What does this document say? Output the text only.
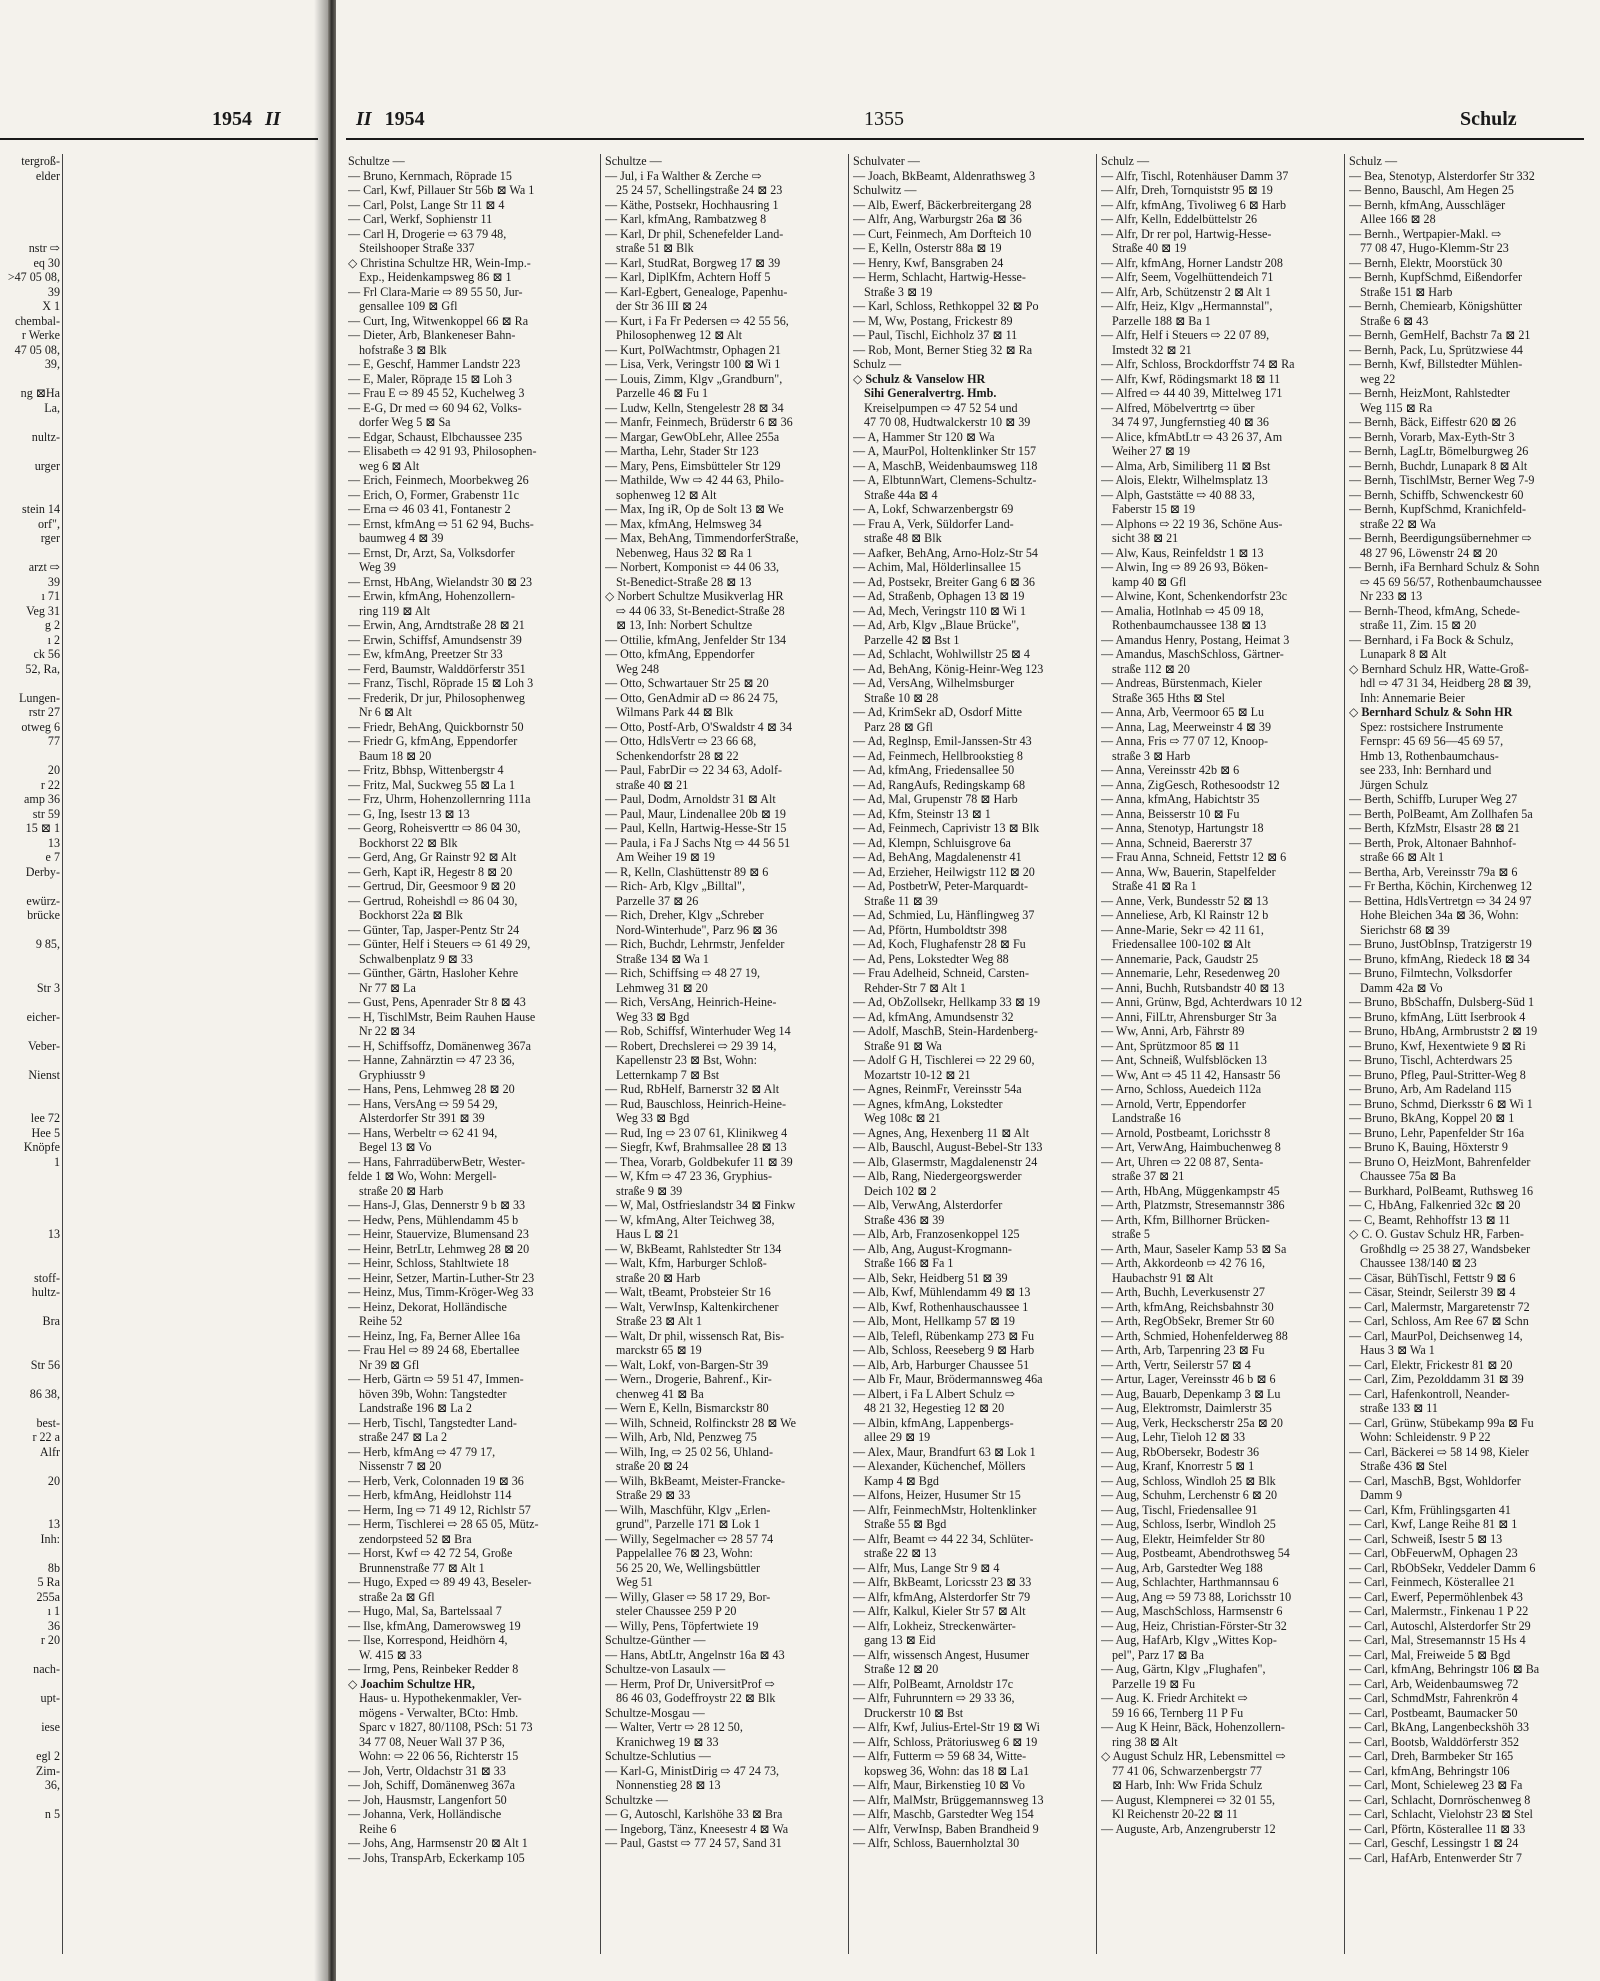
1954 II
tergroß-
elder

nstr ⇨
eq 30
>47 05 08,
39
X 1
chembal-
r Werke
47 05 08,
39,

ng ⊠Ha
La,

nultz-

urger

stein 14
orf",
rger

arzt ⇨
39
ı 71
Veg 31
g 2
ı 2
ck 56
52, Ra,

Lungen-
rstr 27
otweg 6
77

20
r 22
amp 36
str 59
15 ⊠ 1
13
e 7
Derby-

ewürz-
brücke

9 85,

Str 3

eicher-

Veber-

Nienst

lee 72
Hee 5
Knöpfe
1

13

stoff-
hultz-

Bra

Str 56

86 38,

best-
r 22 a
Alfr

20

13
Inh:

8b
5 Ra
255a
ı 1
36
r 20

nach-

upt-

iese

egl 2
Zim-
36,

n 5

II 1954	1355	Schulz
Schultze —
— Bruno, Kernmach, Röprade 15
— Carl, Kwf, Pillauer Str 56b ⊠ Wa 1
— Carl, Polst, Lange Str 11 ⊠ 4
— Carl, Werkf, Sophienstr 11
— Carl H, Drogerie ⇨ 63 79 48,
Steilshooper Straße 337
◇ Christina Schultze HR, Wein-Imp.-
Exp., Heidenkampsweg 86 ⊠ 1
— Frl Clara-Marie ⇨ 89 55 50, Jur-
gensallee 109 ⊠ Gfl
— Curt, Ing, Witwenkoppel 66 ⊠ Ra
— Dieter, Arb, Blankeneser Bahn-
hofstraße 3 ⊠ Blk
— E, Geschf, Hammer Landstr 223
— E, Maler, Röpraде 15 ⊠ Loh 3
— Frau E ⇨ 89 45 52, Kuchelweg 3
— E-G, Dr med ⇨ 60 94 62, Volks-
dorfer Weg 5 ⊠ Sa
— Edgar, Schaust, Elbchaussee 235
— Elisabeth ⇨ 42 91 93, Philosophen-
weg 6 ⊠ Alt
— Erich, Feinmech, Moorbekweg 26
— Erich, O, Former, Grabenstr 11c
— Erna ⇨ 46 03 41, Fontanestr 2
— Ernst, kfmAng ⇨ 51 62 94, Buchs-
baumweg 4 ⊠ 39
— Ernst, Dr, Arzt, Sa, Volksdorfer
Weg 39
— Ernst, HbAng, Wielandstr 30 ⊠ 23
— Erwin, kfmAng, Hohenzollern-
ring 119 ⊠ Alt
— Erwin, Ang, Arndtstraße 28 ⊠ 21
— Erwin, Schiffsf, Amundsenstr 39
— Ew, kfmAng, Preetzer Str 33
— Ferd, Baumstr, Walddörferstr 351
— Franz, Tischl, Röprade 15 ⊠ Loh 3
— Frederik, Dr jur, Philosophenweg
Nr 6 ⊠ Alt
— Friedr, BehAng, Quickbornstr 50
— Friedr G, kfmAng, Eppendorfer
Baum 18 ⊠ 20
— Fritz, Bbhsp, Wittenbergstr 4
— Fritz, Mal, Suckweg 55 ⊠ La 1
— Frz, Uhrm, Hohenzollernring 111a
— G, Ing, Isestr 13 ⊠ 13
— Georg, Roheisverttr ⇨ 86 04 30,
Bockhorst 22 ⊠ Blk
— Gerd, Ang, Gr Rainstr 92 ⊠ Alt
— Gerh, Kapt iR, Hegestr 8 ⊠ 20
— Gertrud, Dir, Geesmoor 9 ⊠ 20
— Gertrud, Roheishdl ⇨ 86 04 30,
Bockhorst 22a ⊠ Blk
— Günter, Tap, Jasper-Pentz Str 24
— Günter, Helf i Steuers ⇨ 61 49 29,
Schwalbenplatz 9 ⊠ 33
— Günther, Gärtn, Hasloher Kehre
Nr 77 ⊠ La
— Gust, Pens, Apenrader Str 8 ⊠ 43
— H, TischlMstr, Beim Rauhen Hause
Nr 22 ⊠ 34
— H, Schiffsoffz, Domänenweg 367a
— Hanne, Zahnärztin ⇨ 47 23 36,
Gryphiusstr 9
— Hans, Pens, Lehmweg 28 ⊠ 20
— Hans, VersAng ⇨ 59 54 29,
Alsterdorfer Str 391 ⊠ 39
— Hans, Werbeltr ⇨ 62 41 94,
Begel 13 ⊠ Vo
— Hans, FahrradüberwBetr, Wester-
felde 1 ⊠ Wo, Wohn: Mergell-
straße 20 ⊠ Harb
— Hans-J, Glas, Dennerstr 9 b ⊠ 33
— Hedw, Pens, Mühlendamm 45 b
— Heinr, Stauervize, Blumensand 23
— Heinr, BetrLtr, Lehmweg 28 ⊠ 20
— Heinr, Schloss, Stahltwiete 18
— Heinr, Setzer, Martin-Luther-Str 23
— Heinz, Mus, Timm-Kröger-Weg 33
— Heinz, Dekorat, Holländische
Reihe 52
— Heinz, Ing, Fa, Berner Allee 16a
— Frau Hel ⇨ 89 24 68, Ebertallee
Nr 39 ⊠ Gfl
— Herb, Gärtn ⇨ 59 51 47, Immen-
höven 39b, Wohn: Tangstedter
Landstraße 196 ⊠ La 2
— Herb, Tischl, Tangstedter Land-
straße 247 ⊠ La 2
— Herb, kfmAng ⇨ 47 79 17,
Nissenstr 7 ⊠ 20
— Herb, Verk, Colonnaden 19 ⊠ 36
— Herb, kfmAng, Heidlohstr 114
— Herm, Ing ⇨ 71 49 12, Richlstr 57
— Herm, Tischlerei ⇨ 28 65 05, Mütz-
zendorpsteed 52 ⊠ Bra
— Horst, Kwf ⇨ 42 72 54, Große
Brunnenstraße 77 ⊠ Alt 1
— Hugo, Exped ⇨ 89 49 43, Beseler-
straße 2a ⊠ Gfl
— Hugo, Mal, Sa, Bartelssaal 7
— Ilse, kfmAng, Damerowsweg 19
— Ilse, Korrespond, Heidhörn 4,
W. 415 ⊠ 33
— Irmg, Pens, Reinbeker Redder 8
◇ Joachim Schultze HR,
Haus- u. Hypothekenmakler, Ver-
mögens - Verwalter, BCto: Hmb.
Sparc v 1827, 80/1108, PSch: 51 73
34 77 08, Neuer Wall 37 P 36,
Wohn: ⇨ 22 06 56, Richterstr 15
— Joh, Vertr, Oldachstr 31 ⊠ 33
— Joh, Schiff, Domänenweg 367a
— Joh, Hausmstr, Langenfort 50
— Johanna, Verk, Holländische
Reihe 6
— Johs, Ang, Harmsenstr 20 ⊠ Alt 1
— Johs, TranspArb, Eckerkamp 105
Schultze —
— Jul, i Fa Walther & Zerche ⇨
25 24 57, Schellingstraße 24 ⊠ 23
— Käthe, Postsekr, Hochhausring 1
— Karl, kfmAng, Rambatzweg 8
— Karl, Dr phil, Schenefelder Land-
straße 51 ⊠ Blk
— Karl, StudRat, Borgweg 17 ⊠ 39
— Karl, DiplKfm, Achtern Hoff 5
— Karl-Egbert, Genealoge, Papenhu-
der Str 36 III ⊠ 24
— Kurt, i Fa Fr Pedersen ⇨ 42 55 56,
Philosophenweg 12 ⊠ Alt
— Kurt, PolWachtmstr, Ophagen 21
— Lisa, Verk, Veringstr 100 ⊠ Wi 1
— Louis, Zimm, Klgv „Grandburn",
Parzelle 46 ⊠ Fu 1
— Ludw, Kelln, Stengelestr 28 ⊠ 34
— Manfr, Feinmech, Brüderstr 6 ⊠ 36
— Margar, GewObLehr, Allee 255a
— Martha, Lehr, Stader Str 123
— Mary, Pens, Eimsbütteler Str 129
— Mathilde, Ww ⇨ 42 44 63, Philo-
sophenweg 12 ⊠ Alt
— Max, Ing iR, Op de Solt 13 ⊠ We
— Max, kfmAng, Helmsweg 34
— Max, BehAng, TimmendorferStraße,
Nebenweg, Haus 32 ⊠ Ra 1
— Norbert, Komponist ⇨ 44 06 33,
St-Benedict-Straße 28 ⊠ 13
◇ Norbert Schultze Musikverlag HR
⇨ 44 06 33, St-Benedict-Straße 28
⊠ 13, Inh: Norbert Schultze
— Ottilie, kfmAng, Jenfelder Str 134
— Otto, kfmAng, Eppendorfer
Weg 248
— Otto, Schwartauer Str 25 ⊠ 20
— Otto, GenAdmir aD ⇨ 86 24 75,
Wilmans Park 44 ⊠ Blk
— Otto, Postf-Arb, O'Swaldstr 4 ⊠ 34
— Otto, HdlsVertr ⇨ 23 66 68,
Schenkendorfstr 28 ⊠ 22
— Paul, FabrDir ⇨ 22 34 63, Adolf-
straße 40 ⊠ 21
— Paul, Dodm, Arnoldstr 31 ⊠ Alt
— Paul, Maur, Lindenallee 20b ⊠ 19
— Paul, Kelln, Hartwig-Hesse-Str 15
— Paula, i Fa J Sachs Ntg ⇨ 44 56 51
Am Weiher 19 ⊠ 19
— R, Kelln, Clashüttenstr 89 ⊠ 6
— Rich- Arb, Klgv „Billtal",
Parzelle 37 ⊠ 26
— Rich, Dreher, Klgv „Schreber
Nord-Winterhude", Parz 96 ⊠ 36
— Rich, Buchdr, Lehrmstr, Jenfelder
Straße 134 ⊠ Wa 1
— Rich, Schiffsing ⇨ 48 27 19,
Lehmweg 31 ⊠ 20
— Rich, VersAng, Heinrich-Heine-
Weg 33 ⊠ Bgd
— Rob, Schiffsf, Winterhuder Weg 14
— Robert, Drechslerei ⇨ 29 39 14,
Kapellenstr 23 ⊠ Bst, Wohn:
Letternkamp 7 ⊠ Bst
— Rud, RbHelf, Barnerstr 32 ⊠ Alt
— Rud, Bauschloss, Heinrich-Heine-
Weg 33 ⊠ Bgd
— Rud, Ing ⇨ 23 07 61, Klinikweg 4
— Siegfr, Kwf, Brahmsallee 28 ⊠ 13
— Thea, Vorarb, Goldbekufer 11 ⊠ 39
— W, Kfm ⇨ 47 23 36, Gryphius-
straße 9 ⊠ 39
— W, Mal, Ostfrieslandstr 34 ⊠ Finkw
— W, kfmAng, Alter Teichweg 38,
Haus L ⊠ 21
— W, BkBeamt, Rahlstedter Str 134
— Walt, Kfm, Harburger Schloß-
straße 20 ⊠ Harb
— Walt, tBeamt, Probsteier Str 16
— Walt, VerwInsp, Kaltenkirchener
Straße 23 ⊠ Alt 1
— Walt, Dr phil, wissensch Rat, Bis-
marckstr 65 ⊠ 19
— Walt, Lokf, von-Bargen-Str 39
— Wern., Drogerie, Bahrenf., Kir-
chenweg 41 ⊠ Ba
— Wern E, Kelln, Bismarckstr 80
— Wilh, Schneid, Rolfinckstr 28 ⊠ We
— Wilh, Arb, Nld, Penzweg 75
— Wilh, Ing, ⇨ 25 02 56, Uhland-
straße 20 ⊠ 24
— Wilh, BkBeamt, Meister-Francke-
Straße 29 ⊠ 33
— Wilh, Maschführ, Klgv „Erlen-
grund", Parzelle 171 ⊠ Lok 1
— Willy, Segelmacher ⇨ 28 57 74
Pappelallee 76 ⊠ 23, Wohn:
56 25 20, We, Wellingsbüttler
Weg 51
— Willy, Glaser ⇨ 58 17 29, Bor-
steler Chaussee 259 P 20
— Willy, Pens, Töpfertwiete 19
Schultze-Günther —
— Hans, AbtLtr, Angelnstr 16a ⊠ 43
Schultze-von Lasaulx —
— Herm, Prof Dr, UniversitProf ⇨
86 46 03, Godeffroystr 22 ⊠ Blk
Schultze-Mosgau —
— Walter, Vertr ⇨ 28 12 50,
Kranichweg 19 ⊠ 33
Schultze-Schlutius —
— Karl-G, MinistDirig ⇨ 47 24 73,
Nonnenstieg 28 ⊠ 13
Schultzke —
— G, Autoschl, Karlshöhe 33 ⊠ Bra
— Ingeborg, Tänz, Kneesestr 4 ⊠ Wa
— Paul, Gastst ⇨ 77 24 57, Sand 31
Schulvater —
— Joach, BkBeamt, Aldenrathsweg 3
Schulwitz —
— Alb, Ewerf, Bäckerbreitergang 28
— Alfr, Ang, Warburgstr 26a ⊠ 36
— Curt, Feinmech, Am Dorfteich 10
— E, Kelln, Osterstr 88a ⊠ 19
— Henry, Kwf, Bansgraben 24
— Herm, Schlacht, Hartwig-Hesse-
Straße 3 ⊠ 19
— Karl, Schloss, Rethkoppel 32 ⊠ Po
— M, Ww, Postang, Frickestr 89
— Paul, Tischl, Eichholz 37 ⊠ 11
— Rob, Mont, Berner Stieg 32 ⊠ Ra
Schulz —
◇ Schulz & Vanselow HR
Sihi Generalvertrg. Hmb.
Kreiselpumpen ⇨ 47 52 54 und
47 70 08, Hudtwalckerstr 10 ⊠ 39
— A, Hammer Str 120 ⊠ Wa
— A, MaurPol, Holtenklinker Str 157
— A, MaschB, Weidenbaumsweg 118
— A, ElbtunnWart, Clemens-Schultz-
Straße 44a ⊠ 4
— A, Lokf, Schwarzenbergstr 69
— Frau A, Verk, Süldorfer Land-
straße 48 ⊠ Blk
— Aafker, BehAng, Arno-Holz-Str 54
— Achim, Mal, Hölderlinsallee 15
— Ad, Postsekr, Breiter Gang 6 ⊠ 36
— Ad, Straßenb, Ophagen 13 ⊠ 19
— Ad, Mech, Veringstr 110 ⊠ Wi 1
— Ad, Arb, Klgv „Blaue Brücke",
Parzelle 42 ⊠ Bst 1
— Ad, Schlacht, Wohlwillstr 25 ⊠ 4
— Ad, BehAng, König-Heinr-Weg 123
— Ad, VersAng, Wilhelmsburger
Straße 10 ⊠ 28
— Ad, KrimSekr aD, Osdorf Mitte
Parz 28 ⊠ Gfl
— Ad, Reglnsp, Emil-Janssen-Str 43
— Ad, Feinmech, Hellbrookstieg 8
— Ad, kfmAng, Friedensallee 50
— Ad, RangAufs, Redingskamp 68
— Ad, Mal, Grupenstr 78 ⊠ Harb
— Ad, Kfm, Steinstr 13 ⊠ 1
— Ad, Feinmech, Caprivistr 13 ⊠ Blk
— Ad, Klempn, Schluisgrove 6a
— Ad, BehAng, Magdalenenstr 41
— Ad, Erzieher, Heilwigstr 112 ⊠ 20
— Ad, PostbetrW, Peter-Marquardt-
Straße 11 ⊠ 39
— Ad, Schmied, Lu, Hänflingweg 37
— Ad, Pförtn, Humboldtstr 398
— Ad, Koch, Flughafenstr 28 ⊠ Fu
— Ad, Pens, Lokstedter Weg 88
— Frau Adelheid, Schneid, Carsten-
Rehder-Str 7 ⊠ Alt 1
— Ad, ObZollsekr, Hellkamp 33 ⊠ 19
— Ad, kfmAng, Amundsenstr 32
— Adolf, MaschB, Stein-Hardenberg-
Straße 91 ⊠ Wa
— Adolf G H, Tischlerei ⇨ 22 29 60,
Mozartstr 10-12 ⊠ 21
— Agnes, ReinmFr, Vereinsstr 54a
— Agnes, kfmAng, Lokstedter
Weg 108c ⊠ 21
— Agnes, Ang, Hexenberg 11 ⊠ Alt
— Alb, Bauschl, August-Bebel-Str 133
— Alb, Glasermstr, Magdalenenstr 24
— Alb, Rang, Niedergeorgswerder
Deich 102 ⊠ 2
— Alb, VerwAng, Alsterdorfer
Straße 436 ⊠ 39
— Alb, Arb, Franzosenkoppel 125
— Alb, Ang, August-Krogmann-
Straße 166 ⊠ Fa 1
— Alb, Sekr, Heidberg 51 ⊠ 39
— Alb, Kwf, Mühlendamm 49 ⊠ 13
— Alb, Kwf, Rothenhauschaussee 1
— Alb, Mont, Hellkamp 57 ⊠ 19
— Alb, Telefl, Rübenkamp 273 ⊠ Fu
— Alb, Schloss, Reeseberg 9 ⊠ Harb
— Alb, Arb, Harburger Chaussee 51
— Alb Fr, Maur, Brödermannsweg 46a
— Albert, i Fa L Albert Schulz ⇨
48 21 32, Hegestieg 12 ⊠ 20
— Albin, kfmAng, Lappenbergs-
allee 29 ⊠ 19
— Alex, Maur, Brandfurt 63 ⊠ Lok 1
— Alexander, Küchenchef, Möllers
Kamp 4 ⊠ Bgd
— Alfons, Heizer, Husumer Str 15
— Alfr, FeinmechMstr, Holtenklinker
Straße 55 ⊠ Bgd
— Alfr, Beamt ⇨ 44 22 34, Schlüter-
straße 22 ⊠ 13
— Alfr, Mus, Lange Str 9 ⊠ 4
— Alfr, BkBeamt, Loricsstr 23 ⊠ 33
— Alfr, kfmAng, Alsterdorfer Str 79
— Alfr, Kalkul, Kieler Str 57 ⊠ Alt
— Alfr, Lokheiz, Streckenwärter-
gang 13 ⊠ Eid
— Alfr, wissensch Angest, Husumer
Straße 12 ⊠ 20
— Alfr, PolBeamt, Arnoldstr 17c
— Alfr, Fuhrunntern ⇨ 29 33 36,
Druckerstr 10 ⊠ Bst
— Alfr, Kwf, Julius-Ertel-Str 19 ⊠ Wi
— Alfr, Schloss, Prätoriusweg 6 ⊠ 19
— Alfr, Futterm ⇨ 59 68 34, Witte-
kopsweg 36, Wohn: das 18 ⊠ La1
— Alfr, Maur, Birkenstieg 10 ⊠ Vo
— Alfr, MalMstr, Brüggemannsweg 13
— Alfr, Maschb, Garstedter Weg 154
— Alfr, VerwInsp, Baben Brandheid 9
— Alfr, Schloss, Bauernholztal 30
Schulz —
— Alfr, Tischl, Rotenhäuser Damm 37
— Alfr, Dreh, Tornquiststr 95 ⊠ 19
— Alfr, kfmAng, Tivoliweg 6 ⊠ Harb
— Alfr, Kelln, Eddelbüttelstr 26
— Alfr, Dr rer pol, Hartwig-Hesse-
Straße 40 ⊠ 19
— Alfr, kfmAng, Horner Landstr 208
— Alfr, Seem, Vogelhüttendeich 71
— Alfr, Arb, Schützenstr 2 ⊠ Alt 1
— Alfr, Heiz, Klgv „Hermannstal",
Parzelle 188 ⊠ Ba 1
— Alfr, Helf i Steuers ⇨ 22 07 89,
Imstedt 32 ⊠ 21
— Alfr, Schloss, Brockdorffstr 74 ⊠ Ra
— Alfr, Kwf, Rödingsmarkt 18 ⊠ 11
— Alfred ⇨ 44 40 39, Mittelweg 171
— Alfred, Möbelvertrtg ⇨ über
34 74 97, Jungfernstieg 40 ⊠ 36
— Alice, kfmAbtLtr ⇨ 43 26 37, Am
Weiher 27 ⊠ 19
— Alma, Arb, Similiberg 11 ⊠ Bst
— Alois, Elektr, Wilhelmsplatz 13
— Alph, Gaststätte ⇨ 40 88 33,
Faberstr 15 ⊠ 19
— Alphons ⇨ 22 19 36, Schöne Aus-
sicht 38 ⊠ 21
— Alw, Kaus, Reinfeldstr 1 ⊠ 13
— Alwin, Ing ⇨ 89 26 93, Böken-
kamp 40 ⊠ Gfl
— Alwine, Kont, Schenkendorfstr 23c
— Amalia, Hotlnhab ⇨ 45 09 18,
Rothenbaumchaussee 138 ⊠ 13
— Amandus Henry, Postang, Heimat 3
— Amandus, MaschSchloss, Gärtner-
straße 112 ⊠ 20
— Andreas, Bürstenmach, Kieler
Straße 365 Hths ⊠ Stel
— Anna, Arb, Veermoor 65 ⊠ Lu
— Anna, Lag, Meerweinstr 4 ⊠ 39
— Anna, Fris ⇨ 77 07 12, Knoop-
straße 3 ⊠ Harb
— Anna, Vereinsstr 42b ⊠ 6
— Anna, ZigGesch, Rothesoodstr 12
— Anna, kfmAng, Habichtstr 35
— Anna, Beisserstr 10 ⊠ Fu
— Anna, Stenotyp, Hartungstr 18
— Anna, Schneid, Baererstr 37
— Frau Anna, Schneid, Fettstr 12 ⊠ 6
— Anna, Ww, Bauerin, Stapelfelder
Straße 41 ⊠ Ra 1
— Anne, Verk, Bundesstr 52 ⊠ 13
— Anneliese, Arb, Kl Rainstr 12 b
— Anne-Marie, Sekr ⇨ 42 11 61,
Friedensallee 100-102 ⊠ Alt
— Annemarie, Pack, Gaudstr 25
— Annemarie, Lehr, Resedenweg 20
— Anni, Buchh, Rutsbandstr 40 ⊠ 13
— Anni, Grünw, Bgd, Achterdwars 10 12
— Anni, FilLtr, Ahrensburger Str 3a
— Ww, Anni, Arb, Fährstr 89
— Ant, Sprützmoor 85 ⊠ 11
— Ant, Schneiß, Wulfsblöcken 13
— Ww, Ant ⇨ 45 11 42, Hansastr 56
— Arno, Schloss, Auedeich 112a
— Arnold, Vertr, Eppendorfer
Landstraße 16
— Arnold, Postbeamt, Lorichsstr 8
— Art, VerwAng, Haimbuchenweg 8
— Art, Uhren ⇨ 22 08 87, Senta-
straße 37 ⊠ 21
— Arth, HbAng, Müggenkampstr 45
— Arth, Platzmstr, Stresemannstr 386
— Arth, Kfm, Billhorner Brücken-
straße 5
— Arth, Maur, Saseler Kamp 53 ⊠ Sa
— Arth, Akkordeonb ⇨ 42 76 16,
Haubachstr 91 ⊠ Alt
— Arth, Buchh, Leverkusenstr 27
— Arth, kfmAng, Reichsbahnstr 30
— Arth, RegObSekr, Bremer Str 60
— Arth, Schmied, Hohenfelderweg 88
— Arth, Arb, Tarpenring 23 ⊠ Fu
— Arth, Vertr, Seilerstr 57 ⊠ 4
— Artur, Lager, Vereinsstr 46 b ⊠ 6
— Aug, Bauarb, Depenkamp 3 ⊠ Lu
— Aug, Elektromstr, Daimlerstr 35
— Aug, Verk, Heckscherstr 25a ⊠ 20
— Aug, Lehr, Tieloh 12 ⊠ 33
— Aug, RbObersekr, Bodestr 36
— Aug, Kranf, Knorrestr 5 ⊠ 1
— Aug, Schloss, Windloh 25 ⊠ Blk
— Aug, Schuhm, Lerchenstr 6 ⊠ 20
— Aug, Tischl, Friedensallee 91
— Aug, Schloss, Iserbr, Windloh 25
— Aug, Elektr, Heimfelder Str 80
— Aug, Postbeamt, Abendrothsweg 54
— Aug, Arb, Garstedter Weg 188
— Aug, Schlachter, Harthmannsau 6
— Aug, Ang ⇨ 59 73 88, Lorichsstr 10
— Aug, MaschSchloss, Harmsenstr 6
— Aug, Heiz, Christian-Förster-Str 32
— Aug, HafArb, Klgv „Wittes Kop-
pel", Parz 17 ⊠ Ba
— Aug, Gärtn, Klgv „Flughafen",
Parzelle 19 ⊠ Fu
— Aug. K. Friedr Architekt ⇨
59 16 66, Ternberg 11 P Fu
— Aug K Heinr, Bäck, Hohenzollern-
ring 38 ⊠ Alt
◇ August Schulz HR, Lebensmittel ⇨
77 41 06, Schwarzenbergstr 77
⊠ Harb, Inh: Ww Frida Schulz
— August, Klempnerei ⇨ 32 01 55,
Kl Reichenstr 20-22 ⊠ 11
— Auguste, Arb, Anzengruberstr 12
Schulz —
— Bea, Stenotyp, Alsterdorfer Str 332
— Benno, Bauschl, Am Hegen 25
— Bernh, kfmAng, Ausschläger
Allee 166 ⊠ 28
— Bernh., Wertpapier-Makl. ⇨
77 08 47, Hugo-Klemm-Str 23
— Bernh, Elektr, Moorstück 30
— Bernh, KupfSchmd, Eißendorfer
Straße 151 ⊠ Harb
— Bernh, Chemiearb, Königshütter
Straße 6 ⊠ 43
— Bernh, GemHelf, Bachstr 7a ⊠ 21
— Bernh, Pack, Lu, Sprützwiese 44
— Bernh, Kwf, Billstedter Mühlen-
weg 22
— Bernh, HeizMont, Rahlstedter
Weg 115 ⊠ Ra
— Bernh, Bäck, Eiffestr 620 ⊠ 26
— Bernh, Vorarb, Max-Eyth-Str 3
— Bernh, LagLtr, Bömelburgweg 26
— Bernh, Buchdr, Lunapark 8 ⊠ Alt
— Bernh, TischlMstr, Berner Weg 7-9
— Bernh, Schiffb, Schwenckestr 60
— Bernh, KupfSchmd, Kranichfeld-
straße 22 ⊠ Wa
— Bernh, Beerdigungsübernehmer ⇨
48 27 96, Löwenstr 24 ⊠ 20
— Bernh, iFa Bernhard Schulz & Sohn
⇨ 45 69 56/57, Rothenbaumchaussee
Nr 233 ⊠ 13
— Bernh-Theod, kfmAng, Schede-
straße 11, Zim. 15 ⊠ 20
— Bernhard, i Fa Bock & Schulz,
Lunapark 8 ⊠ Alt
◇ Bernhard Schulz HR, Watte-Groß-
hdl ⇨ 47 31 34, Heidberg 28 ⊠ 39,
Inh: Annemarie Beier
◇ Bernhard Schulz & Sohn HR
Spez: rostsichere Instrumente
Fernspr: 45 69 56—45 69 57,
Hmb 13, Rothenbaumchaus-
see 233, Inh: Bernhard und
Jürgen Schulz
— Berth, Schiffb, Luruper Weg 27
— Berth, PolBeamt, Am Zollhafen 5a
— Berth, KfzMstr, Elsastr 28 ⊠ 21
— Berth, Prok, Altonaer Bahnhof-
straße 66 ⊠ Alt 1
— Bertha, Arb, Vereinsstr 79a ⊠ 6
— Fr Bertha, Köchin, Kirchenweg 12
— Bettina, HdlsVertretgn ⇨ 34 24 97
Hohe Bleichen 34a ⊠ 36, Wohn:
Sierichstr 68 ⊠ 39
— Bruno, JustObInsp, Tratzigerstr 19
— Bruno, kfmAng, Riedeck 18 ⊠ 34
— Bruno, Filmtechn, Volksdorfer
Damm 42a ⊠ Vo
— Bruno, BbSchaffn, Dulsberg-Süd 1
— Bruno, kfmAng, Lütt Iserbrook 4
— Bruno, HbAng, Armbruststr 2 ⊠ 19
— Bruno, Kwf, Hexentwiete 9 ⊠ Ri
— Bruno, Tischl, Achterdwars 25
— Bruno, Pfleg, Paul-Stritter-Weg 8
— Bruno, Arb, Am Radeland 115
— Bruno, Schmd, Dierksstr 6 ⊠ Wi 1
— Bruno, BkAng, Koppel 20 ⊠ 1
— Bruno, Lehr, Papenfelder Str 16a
— Bruno K, Bauing, Höxterstr 9
— Bruno O, HeizMont, Bahrenfelder
Chaussee 75a ⊠ Ba
— Burkhard, PolBeamt, Ruthsweg 16
— C, HbAng, Falkenried 32c ⊠ 20
— C, Beamt, Rehhoffstr 13 ⊠ 11
◇ C. O. Gustav Schulz HR, Farben-
Großhdlg ⇨ 25 38 27, Wandsbeker
Chaussee 138/140 ⊠ 23
— Cäsar, BühTischl, Fettstr 9 ⊠ 6
— Cäsar, Steindr, Seilerstr 39 ⊠ 4
— Carl, Malermstr, Margaretenstr 72
— Carl, Schloss, Am Ree 67 ⊠ Schn
— Carl, MaurPol, Deichsenweg 14,
Haus 3 ⊠ Wa 1
— Carl, Elektr, Frickestr 81 ⊠ 20
— Carl, Zim, Pezolddamm 31 ⊠ 39
— Carl, Hafenkontroll, Neander-
straße 133 ⊠ 11
— Carl, Grünw, Stübekamp 99a ⊠ Fu
Wohn: Schleidenstr. 9 P 22
— Carl, Bäckerei ⇨ 58 14 98, Kieler
Straße 436 ⊠ Stel
— Carl, MaschB, Bgst, Wohldorfer
Damm 9
— Carl, Kfm, Frühlingsgarten 41
— Carl, Kwf, Lange Reihe 81 ⊠ 1
— Carl, Schweiß, Isestr 5 ⊠ 13
— Carl, ObFeuerwM, Ophagen 23
— Carl, RbObSekr, Veddeler Damm 6
— Carl, Feinmech, Kösterallee 21
— Carl, Ewerf, Pepermöhlenbek 43
— Carl, Malermstr., Finkenau 1 P 22
— Carl, Autoschl, Alsterdorfer Str 29
— Carl, Mal, Stresemannstr 15 Hs 4
— Carl, Mal, Freiweide 5 ⊠ Bgd
— Carl, kfmAng, Behringstr 106 ⊠ Ba
— Carl, Arb, Weidenbaumsweg 72
— Carl, SchmdMstr, Fahrenkrön 4
— Carl, Postbeamt, Baumacker 50
— Carl, BkAng, Langenbeckshöh 33
— Carl, Bootsb, Walddörferstr 352
— Carl, Dreh, Barmbeker Str 165
— Carl, kfmAng, Behringstr 106
— Carl, Mont, Schieleweg 23 ⊠ Fa
— Carl, Schlacht, Dornröschenweg 8
— Carl, Schlacht, Vielohstr 23 ⊠ Stel
— Carl, Pförtn, Kösterallee 11 ⊠ 33
— Carl, Geschf, Lessingstr 1 ⊠ 24
— Carl, HafArb, Entenwerder Str 7
